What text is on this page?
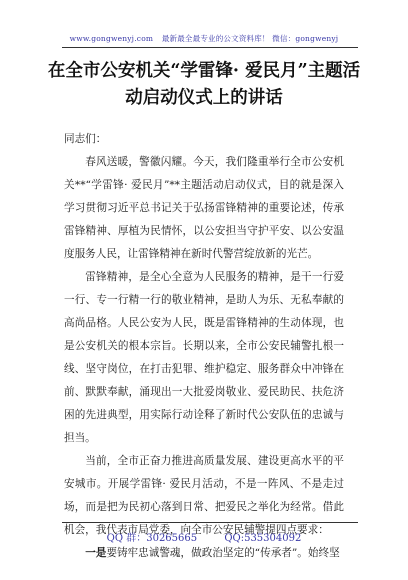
www.gongwenyj.com 最新最全最专业的公文资料库！ 微信：gongwenyj
在全市公安机关“学雷锋· 爱民月”主题活动启动仪式上的讲话

同志们：

春风送暖，警徽闪耀。今天，我们隆重举行全市公安机关**“学雷锋· 爱民月”**主题活动启动仪式，目的就是深入学习贯彻习近平总书记关于弘扬雷锋精神的重要论述，传承雷锋精神、厚植为民情怀，以公安担当守护平安、以公安温度服务人民，让雷锋精神在新时代警营绽放新的光芒。

雷锋精神，是全心全意为人民服务的精神，是干一行爱一行、专一行精一行的敬业精神，是助人为乐、无私奉献的高尚品格。人民公安为人民，既是雷锋精神的生动体现，也是公安机关的根本宗旨。长期以来，全市公安民辅警扎根一线、坚守岗位，在打击犯罪、维护稳定、服务群众中冲锋在前、默默奉献，涌现出一大批爱岗敬业、爱民助民、扶危济困的先进典型，用实际行动诠释了新时代公安队伍的忠诚与担当。

当前，全市正奋力推进高质量发展、建设更高水平的平安城市。开展学雷锋· 爱民月活动，不是一阵风、不是走过场，而是把为民初心落到日常、把爱民之举化为经常。借此机会，我代表市局党委，向全市公安民辅警提四点要求：

一是要铸牢忠诚警魂，做政治坚定的“传承者”。始终坚

QQ 群：30265665	QQ:535304092
